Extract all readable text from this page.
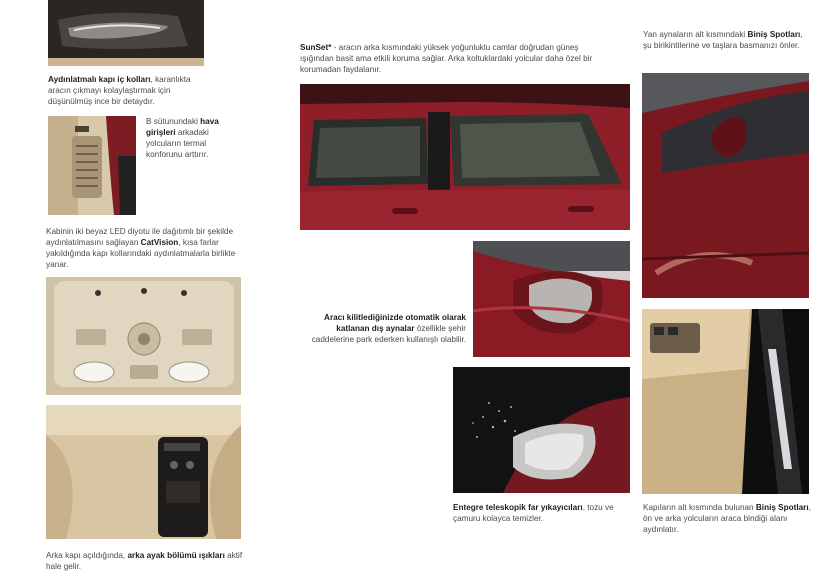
Aydınlatmalı kapı iç kolları, karanlıkta aracın çıkmayı kolaylaştırmak için düşünülmüş ince bir detaydır.

B sütunundaki hava girişleri arkadaki yolcuların termal konforunu arttırır.

Kabinin iki beyaz LED diyotu ile dağıtımlı bir şekilde aydınlatılmasını sağlayan CatVision, kısa farlar yakıldığında kapı kollarındaki aydınlatmalarla birlikte yanar.

Arka kapı açıldığında, arka ayak bölümü ışıkları aktif hale gelir.

SunSet* - aracın arka kısmındaki yüksek yoğunluklu camlar doğrudan güneş ışığından basit ama etkili koruma sağlar. Arka koltuklardaki yolcular daha özel bir korumadan faydalanır.

Aracı kilitlediğinizde otomatik olarak katlanan dış aynalar özellikle şehir caddelerine park ederken kullanışlı olabilir.

Entegre teleskopik far yıkayıcıları, tozu ve çamuru kolayca temizler.

Yan aynaların alt kısmındaki Biniş Spotları, şu birikintilerine ve taşlara basmanızı önler.

Kapıların alt kısmında bulunan Biniş Spotları, ön ve arka yolcuların araca bindiği alanı aydınlatır.
